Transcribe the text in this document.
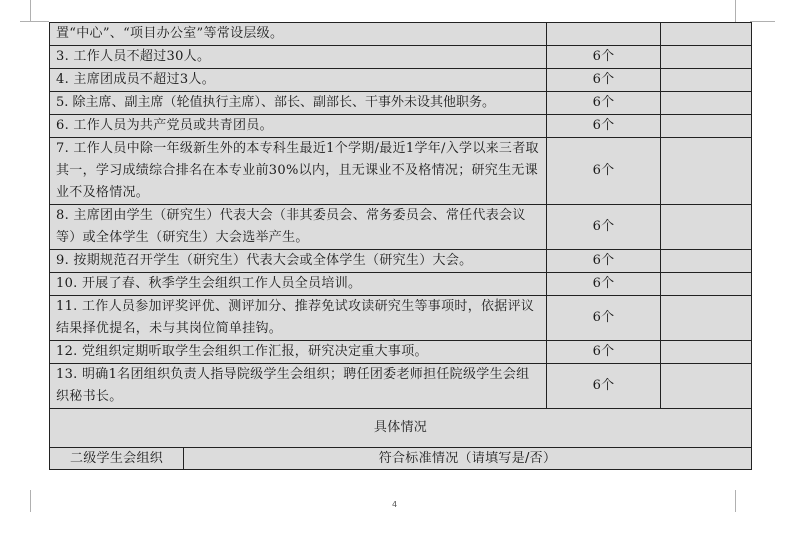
置“中心”、“项目办公室”等常设层级。		
3. 工作人员不超过30人。	6个	
4. 主席团成员不超过3人。	6个	
5. 除主席、副主席（轮值执行主席）、部长、副部长、干事外未设其他职务。	6个	
6. 工作人员为共产党员或共青团员。	6个	
7. 工作人员中除一年级新生外的本专科生最近1个学期/最近1学年/入学以来三者取其一，学习成绩综合排名在本专业前30%以内，且无课业不及格情况；研究生无课业不及格情况。	6个	
8. 主席团由学生（研究生）代表大会（非其委员会、常务委员会、常任代表会议等）或全体学生（研究生）大会选举产生。	6个	
9. 按期规范召开学生（研究生）代表大会或全体学生（研究生）大会。	6个	
10. 开展了春、秋季学生会组织工作人员全员培训。	6个	
11. 工作人员参加评奖评优、测评加分、推荐免试攻读研究生等事项时，依据评议结果择优提名，未与其岗位简单挂钩。	6个	
12. 党组织定期听取学生会组织工作汇报，研究决定重大事项。	6个	
13. 明确1名团组织负责人指导院级学生会组织；聘任团委老师担任院级学生会组织秘书长。	6个	
具体情况		

二级学生会组织 符合标准情况（请填写是/否）		
4
